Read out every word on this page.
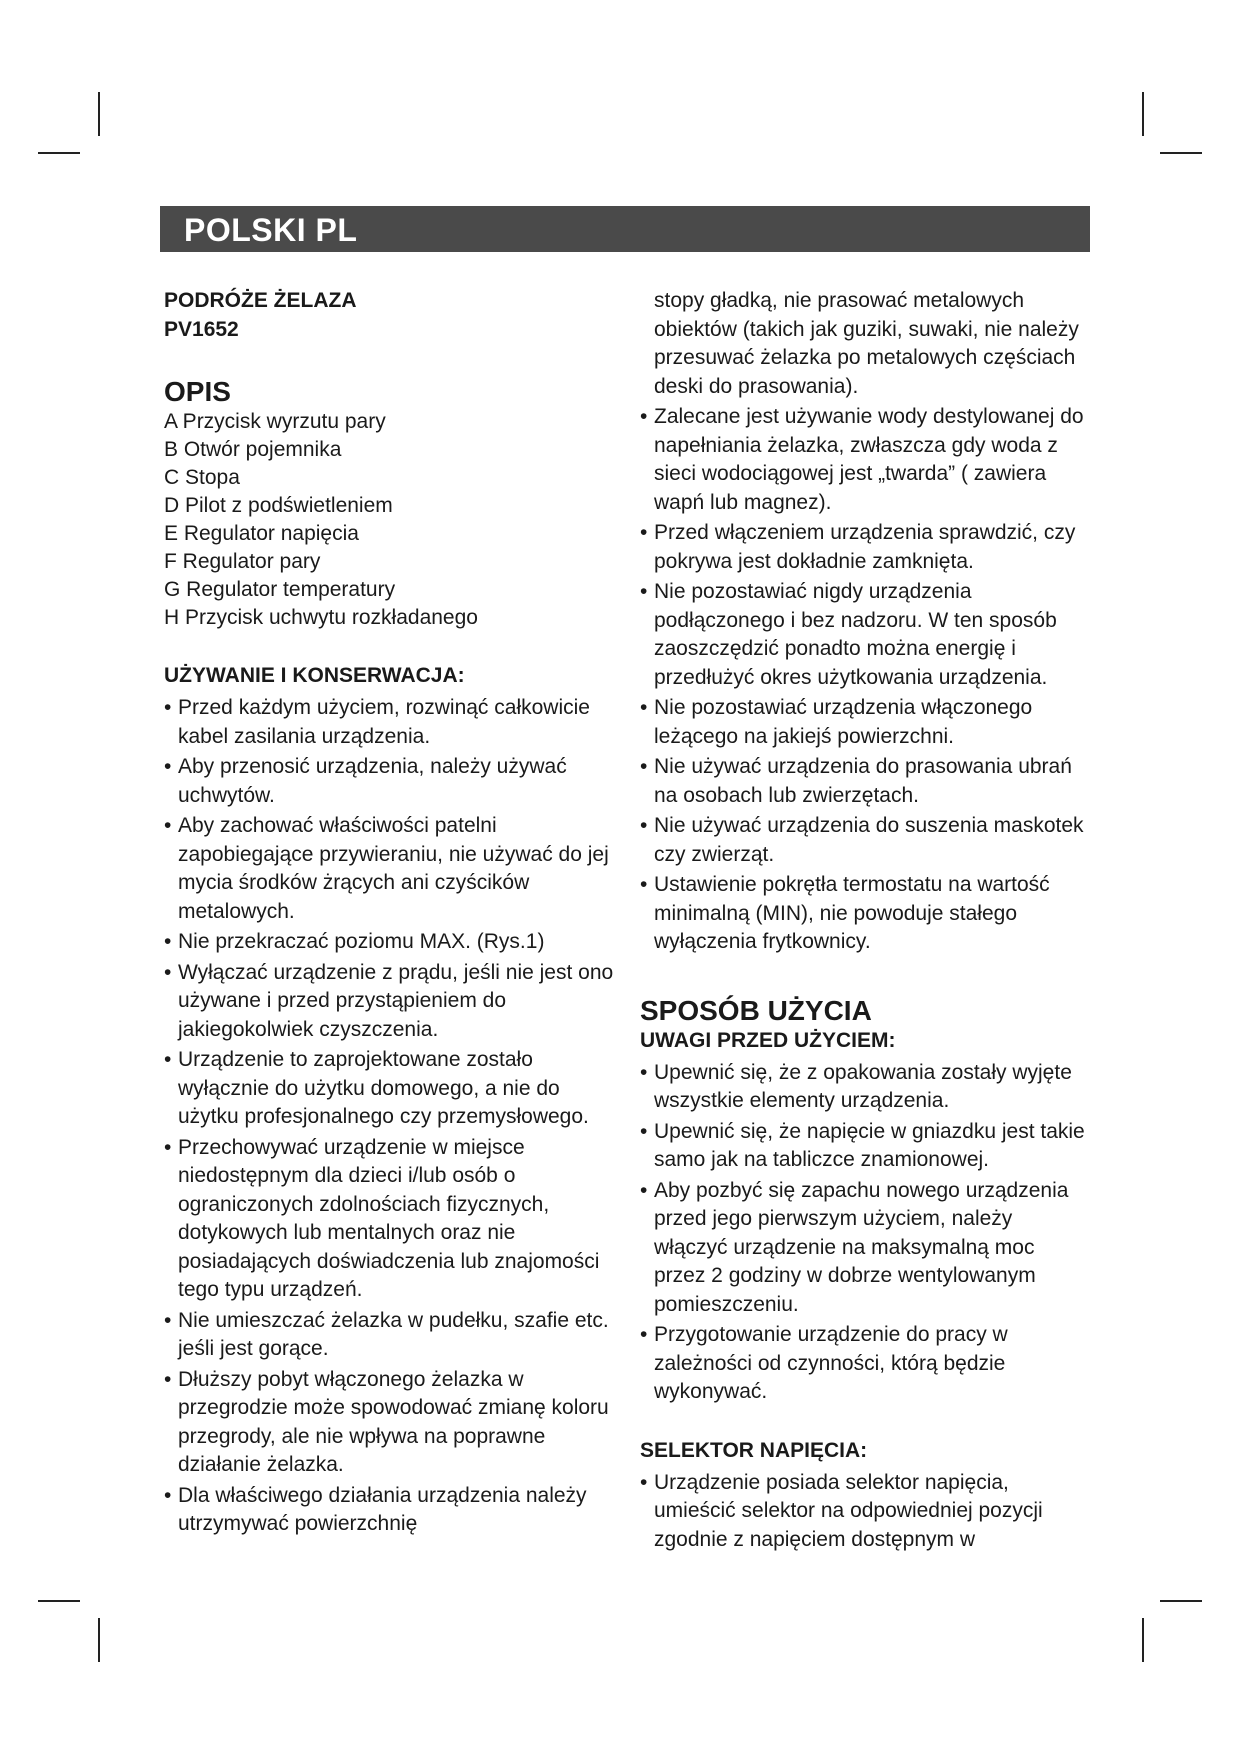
POLSKI PL
PODRÓŻE ŻELAZA
PV1652
OPIS
A Przycisk wyrzutu pary
B Otwór pojemnika
C Stopa
D Pilot z podświetleniem
E Regulator napięcia
F Regulator pary
G Regulator temperatury
H Przycisk uchwytu rozkładanego
UŻYWANIE I KONSERWACJA:
• Przed każdym użyciem, rozwinąć całkowicie kabel zasilania urządzenia.
• Aby przenosić urządzenia, należy używać uchwytów.
• Aby zachować właściwości patelni zapobiegające przywieraniu, nie używać do jej mycia środków żrących ani czyścików metalowych.
• Nie przekraczać poziomu MAX. (Rys.1)
• Wyłączać urządzenie z prądu, jeśli nie jest ono używane i przed przystąpieniem do jakiegokolwiek czyszczenia.
• Urządzenie to zaprojektowane zostało wyłącznie do użytku domowego, a nie do użytku profesjonalnego czy przemysłowego.
• Przechowywać urządzenie w miejsce niedostępnym dla dzieci i/lub osób o ograniczonych zdolnościach fizycznych, dotykowych lub mentalnych oraz nie posiadających doświadczenia lub znajomości tego typu urządzeń.
• Nie umieszczać żelazka w pudełku, szafie etc. jeśli jest gorące.
• Dłuższy pobyt włączonego żelazka w przegrodzie może spowodować zmianę koloru przegrody, ale nie wpływa na poprawne działanie żelazka.
• Dla właściwego działania urządzenia należy utrzymywać powierzchnię
stopy gładką, nie prasować metalowych obiektów (takich jak guziki, suwaki, nie należy przesuwać żelazka po metalowych częściach deski do prasowania).
• Zalecane jest używanie wody destylowanej do napełniania żelazka, zwłaszcza gdy woda z sieci wodociągowej jest „twarda” ( zawiera wapń lub magnez).
• Przed włączeniem urządzenia sprawdzić, czy pokrywa jest dokładnie zamknięta.
• Nie pozostawiać nigdy urządzenia podłączonego i bez nadzoru. W ten sposób zaoszczędzić ponadto można energię i przedłużyć okres użytkowania urządzenia.
• Nie pozostawiać urządzenia włączonego leżącego na jakiejś powierzchni.
• Nie używać urządzenia do prasowania ubrań na osobach lub zwierzętach.
• Nie używać urządzenia do suszenia maskotek czy zwierząt.
• Ustawienie pokrętła termostatu na wartość minimalną (MIN), nie powoduje stałego wyłączenia frytkownicy.
SPOSÓB UŻYCIA
UWAGI PRZED UŻYCIEM:
• Upewnić się, że z opakowania zostały wyjęte wszystkie elementy urządzenia.
• Upewnić się, że napięcie w gniazdku jest takie samo jak na tabliczce znamionowej.
• Aby pozbyć się zapachu nowego urządzenia przed jego pierwszym użyciem, należy włączyć urządzenie na maksymalną moc przez 2 godziny w dobrze wentylowanym pomieszczeniu.
• Przygotowanie urządzenie do pracy w zależności od czynności, którą będzie wykonywać.
SELEKTOR NAPIĘCIA:
• Urządzenie posiada selektor napięcia, umieścić selektor na odpowiedniej pozycji zgodnie z napięciem dostępnym w
